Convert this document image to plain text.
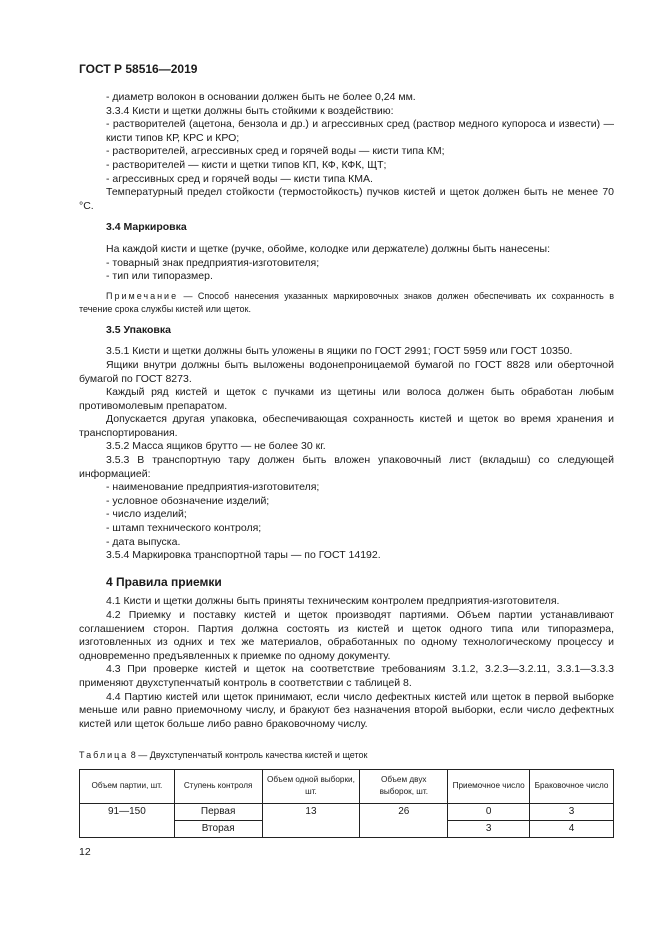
ГОСТ Р 58516—2019

- диаметр волокон в основании должен быть не более 0,24 мм.

3.3.4 Кисти и щетки должны быть стойкими к воздействию:

- растворителей (ацетона, бензола и др.) и агрессивных сред (раствор медного купороса и извести) — кисти типов КР, КРС и КРО;

- растворителей, агрессивных сред и горячей воды — кисти типа КМ;

- растворителей — кисти и щетки типов КП, КФ, КФК, ЩТ;

- агрессивных сред и горячей воды — кисти типа КМА.

Температурный предел стойкости (термостойкость) пучков кистей и щеток должен быть не менее 70 °С.

3.4 Маркировка

На каждой кисти и щетке (ручке, обойме, колодке или держателе) должны быть нанесены:

- товарный знак предприятия-изготовителя;

- тип или типоразмер.

Примечание — Способ нанесения указанных маркировочных знаков должен обеспечивать их сохранность в течение срока службы кистей или щеток.

3.5 Упаковка

3.5.1 Кисти и щетки должны быть уложены в ящики по ГОСТ 2991; ГОСТ 5959 или ГОСТ 10350.

Ящики внутри должны быть выложены водонепроницаемой бумагой по ГОСТ 8828 или оберточной бумагой по ГОСТ 8273.

Каждый ряд кистей и щеток с пучками из щетины или волоса должен быть обработан любым противомолевым препаратом.

Допускается другая упаковка, обеспечивающая сохранность кистей и щеток во время хранения и транспортирования.

3.5.2 Масса ящиков брутто — не более 30 кг.

3.5.3 В транспортную тару должен быть вложен упаковочный лист (вкладыш) со следующей информацией:

- наименование предприятия-изготовителя;

- условное обозначение изделий;

- число изделий;

- штамп технического контроля;

- дата выпуска.

3.5.4 Маркировка транспортной тары — по ГОСТ 14192.

4 Правила приемки

4.1 Кисти и щетки должны быть приняты техническим контролем предприятия-изготовителя.

4.2 Приемку и поставку кистей и щеток производят партиями. Объем партии устанавливают соглашением сторон. Партия должна состоять из кистей и щеток одного типа или типоразмера, изготовленных из одних и тех же материалов, обработанных по одному технологическому процессу и одновременно предъявленных к приемке по одному документу.

4.3 При проверке кистей и щеток на соответствие требованиям 3.1.2, 3.2.3—3.2.11, 3.3.1—3.3.3 применяют двухступенчатый контроль в соответствии с таблицей 8.

4.4 Партию кистей или щеток принимают, если число дефектных кистей или щеток в первой выборке меньше или равно приемочному числу, и бракуют без назначения второй выборки, если число дефектных кистей или щеток больше либо равно браковочному числу.

Таблица 8 — Двухступенчатый контроль качества кистей и щеток

Объем партии, шт.	Ступень контроля	Объем одной выборки, шт.	Объем двух выборок, шт.	Приемочное число	Браковочное число
91—150	Первая	13	26	0	3
	Вторая			3	4
12
